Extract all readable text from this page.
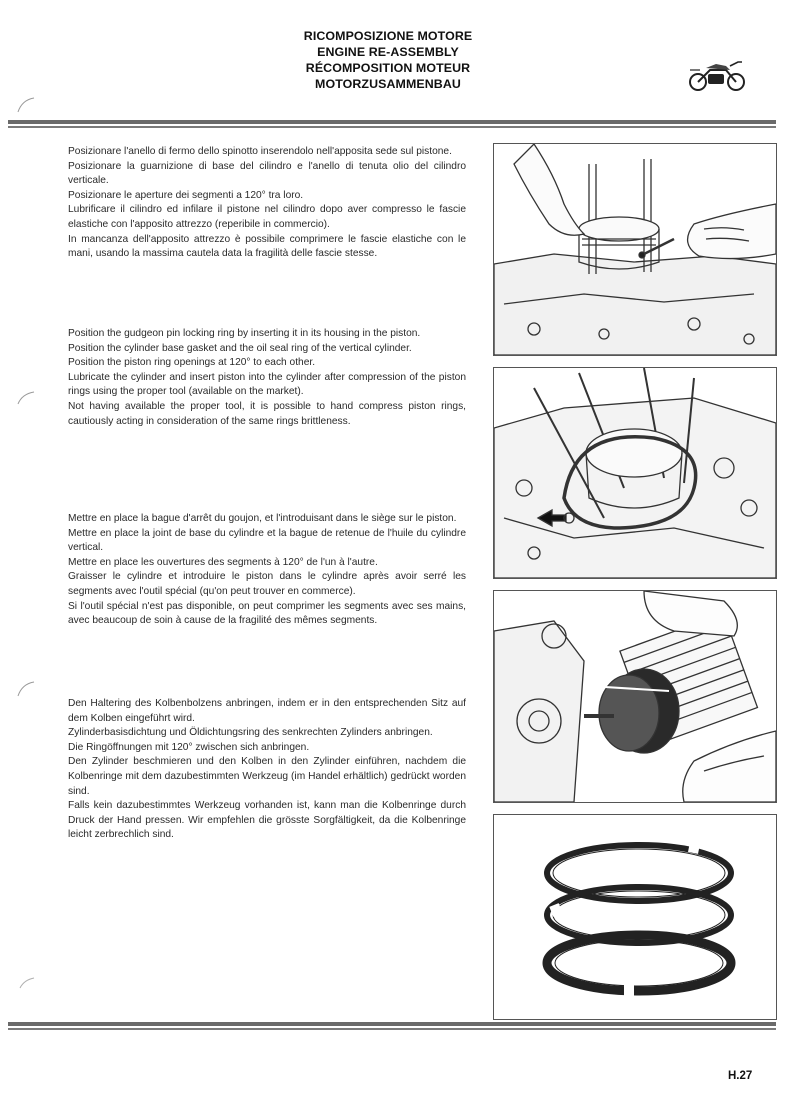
RICOMPOSIZIONE MOTORE
ENGINE RE-ASSEMBLY
RÉCOMPOSITION MOTEUR
MOTORZUSAMMENBAU

Posizionare l'anello di fermo dello spinotto inserendolo nell'apposita sede sul pistone.

Posizionare la guarnizione di base del cilindro e l'anello di tenuta olio del cilindro verticale.

Posizionare le aperture dei segmenti a 120° tra loro.

Lubrificare il cilindro ed infilare il pistone nel cilindro dopo aver compresso le fascie elastiche con l'apposito attrezzo (reperibile in commercio).

In mancanza dell'apposito attrezzo è possibile comprimere le fascie elastiche con le mani, usando la massima cautela data la fragilità delle fascie stesse.

Position the gudgeon pin locking ring by inserting it in its housing in the piston.

Position the cylinder base gasket and the oil seal ring of the vertical cylinder.

Position the piston ring openings at 120° to each other.

Lubricate the cylinder and insert piston into the cylinder after compression of the piston rings using the proper tool (available on the market).

Not having available the proper tool, it is possible to hand compress piston rings, cautiously acting in consideration of the same rings brittleness.

Mettre en place la bague d'arrêt du goujon, et l'introduisant dans le siège sur le piston.

Mettre en place la joint de base du cylindre et la bague de retenue de l'huile du cylindre vertical.

Mettre en place les ouvertures des segments à 120° de l'un à l'autre.

Graisser le cylindre et introduire le piston dans le cylindre après avoir serré les segments avec l'outil spécial (qu'on peut trouver en commerce).

Si l'outil spécial n'est pas disponible, on peut comprimer les segments avec ses mains, avec beaucoup de soin à cause de la fragilité des mêmes segments.

Den Haltering des Kolbenbolzens anbringen, indem er in den entsprechenden Sitz auf dem Kolben eingeführt wird.

Zylinderbasisdichtung und Öldichtungsring des senkrechten Zylinders anbringen.

Die Ringöffnungen mit 120° zwischen sich anbringen.

Den Zylinder beschmieren und den Kolben in den Zylinder einführen, nachdem die Kolbenringe mit dem dazubestimmten Werkzeug (im Handel erhältlich) gedrückt worden sind.

Falls kein dazubestimmtes Werkzeug vorhanden ist, kann man die Kolbenringe durch Druck der Hand pressen. Wir empfehlen die grösste Sorgfältigkeit, da die Kolbenringe leicht zerbrechlich sind.

H.27
